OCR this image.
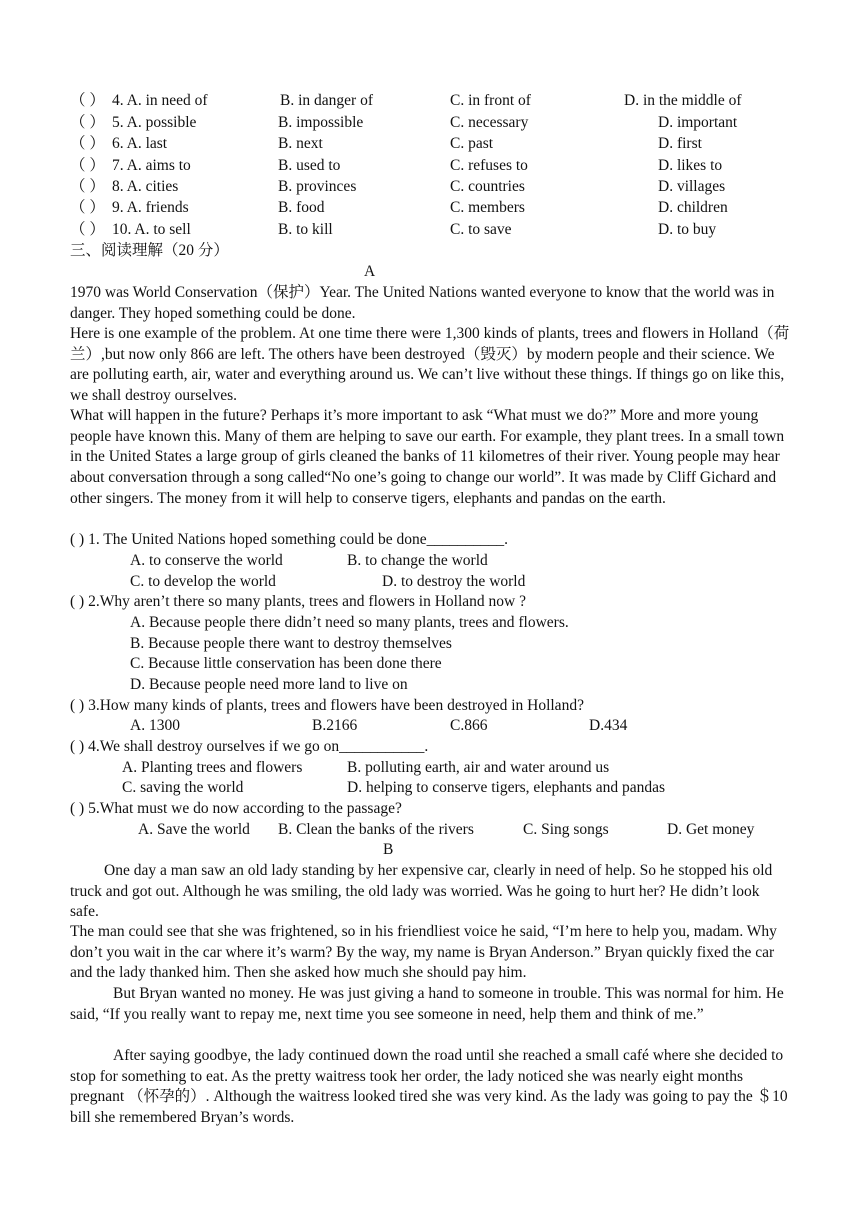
（ ） 4. A. in need of	B. in danger of	C. in front of	D. in the middle of
（ ） 5. A. possible	B. impossible	C. necessary	D. important
（ ） 6. A. last	B. next	C. past	D. first
（ ） 7. A. aims to	B. used to	C. refuses to	D. likes to
（ ） 8. A. cities	B. provinces	C. countries	D. villages
（ ） 9. A. friends	B. food	C. members	D. children
（ ） 10. A. to sell	B. to kill	C. to save	D. to buy
三、阅读理解（20 分）
A
1970 was World Conservation（保护）Year. The United Nations wanted everyone to know that the world was in danger. They hoped something could be done.
Here is one example of the problem. At one time there were 1,300 kinds of plants, trees and flowers in Holland（荷兰）,but now only 866 are left. The others have been destroyed（毁灭）by modern people and their science. We are polluting earth, air, water and everything around us. We can’t live without these things. If things go on like this, we shall destroy ourselves.
What will happen in the future? Perhaps it’s more important to ask “What must we do?” More and more young people have known this. Many of them are helping to save our earth. For example, they plant trees. In a small town in the United States a large group of girls cleaned the banks of 11 kilometres of their river. Young people may hear about conversation through a song called“No one’s going to change our world”. It was made by Cliff Gichard and other singers. The money from it will help to conserve tigers, elephants and pandas on the earth.
( ) 1. The United Nations hoped something could be done__________.
A. to conserve the world	B. to change the world
C. to develop the world	D. to destroy the world
( ) 2.Why aren’t there so many plants, trees and flowers in Holland now ?
A. Because people there didn’t need so many plants, trees and flowers.
B. Because people there want to destroy themselves
C. Because little conservation has been done there
D. Because people need more land to live on
( ) 3.How many kinds of plants, trees and flowers have been destroyed in Holland?
A. 1300	B.2166	C.866	D.434
( ) 4.We shall destroy ourselves if we go on___________.
A. Planting trees and flowers	B. polluting earth, air and water around us
C. saving the world	D. helping to conserve tigers, elephants and pandas
( ) 5.What must we do now according to the passage?
A. Save the world B. Clean the banks of the rivers	C. Sing songs	D. Get money
B
One day a man saw an old lady standing by her expensive car, clearly in need of help. So he stopped his old truck and got out. Although he was smiling, the old lady was worried. Was he going to hurt her? He didn’t look safe.
The man could see that she was frightened, so in his friendliest voice he said, “I’m here to help you, madam. Why don’t you wait in the car where it’s warm? By the way, my name is Bryan Anderson.” Bryan quickly fixed the car and the lady thanked him. Then she asked how much she should pay him.
But Bryan wanted no money. He was just giving a hand to someone in trouble. This was normal for him. He said, “If you really want to repay me, next time you see someone in need, help them and think of me.”
After saying goodbye, the lady continued down the road until she reached a small café where she decided to stop for something to eat. As the pretty waitress took her order, the lady noticed she was nearly eight months pregnant （怀孕的）. Although the waitress looked tired she was very kind. As the lady was going to pay the ＄10 bill she remembered Bryan’s words.
